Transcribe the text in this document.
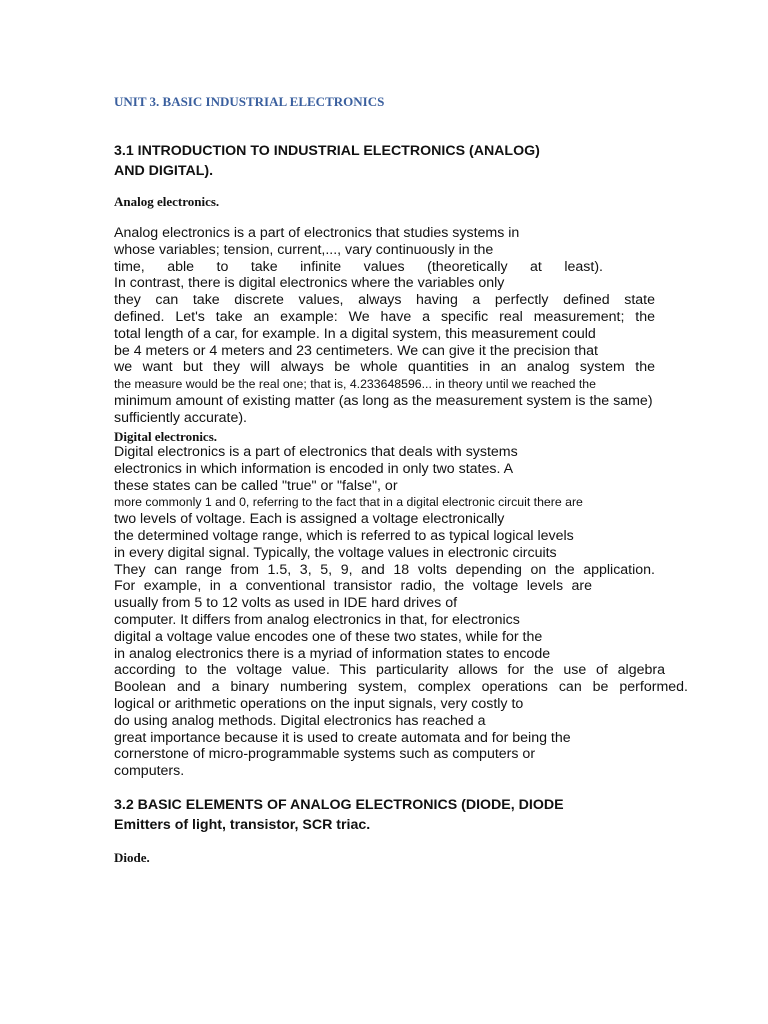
UNIT 3. BASIC INDUSTRIAL ELECTRONICS
3.1 INTRODUCTION TO INDUSTRIAL ELECTRONICS (ANALOG)
AND DIGITAL).
Analog electronics.
Analog electronics is a part of electronics that studies systems in
whose variables; tension, current,..., vary continuously in the
time, able to take infinite values (theoretically at least).
In contrast, there is digital electronics where the variables only
they can take discrete values, always having a perfectly defined state
defined. Let's take an example: We have a specific real measurement; the
total length of a car, for example. In a digital system, this measurement could
be 4 meters or 4 meters and 23 centimeters. We can give it the precision that
we want but they will always be whole quantities in an analog system the
the measure would be the real one; that is, 4.233648596... in theory until we reached the
minimum amount of existing matter (as long as the measurement system is the same)
sufficiently accurate).
Digital electronics.
Digital electronics is a part of electronics that deals with systems
electronics in which information is encoded in only two states. A
these states can be called "true" or "false", or
more commonly 1 and 0, referring to the fact that in a digital electronic circuit there are
two levels of voltage. Each is assigned a voltage electronically
the determined voltage range, which is referred to as typical logical levels
in every digital signal. Typically, the voltage values in electronic circuits
They can range from 1.5, 3, 5, 9, and 18 volts depending on the application.
For example, in a conventional transistor radio, the voltage levels are
usually from 5 to 12 volts as used in IDE hard drives of
computer. It differs from analog electronics in that, for electronics
digital a voltage value encodes one of these two states, while for the
in analog electronics there is a myriad of information states to encode
according to the voltage value. This particularity allows for the use of algebra
Boolean and a binary numbering system, complex operations can be performed.
logical or arithmetic operations on the input signals, very costly to
do using analog methods. Digital electronics has reached a
great importance because it is used to create automata and for being the
cornerstone of micro-programmable systems such as computers or
computers.
3.2 BASIC ELEMENTS OF ANALOG ELECTRONICS (DIODE, DIODE
Emitters of light, transistor, SCR triac.
Diode.
